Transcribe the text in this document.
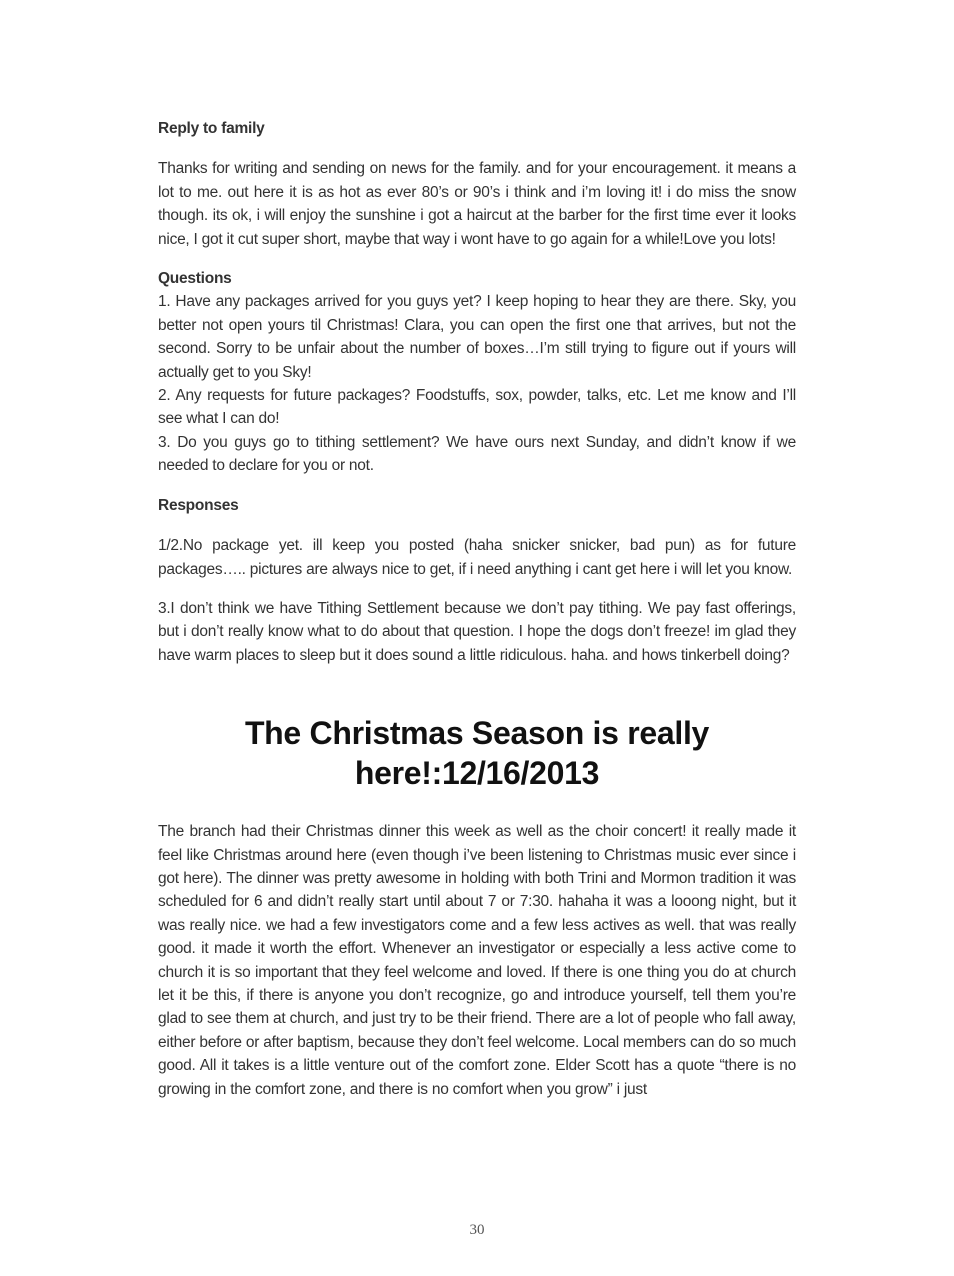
Reply to family

Thanks for writing and sending on news for the family. and for your encouragement. it means a lot to me. out here it is as hot as ever 80’s or 90’s i think and i’m loving it! i do miss the snow though. its ok, i will enjoy the sunshine i got a haircut at the barber for the first time ever it looks nice, I got it cut super short, maybe that way i wont have to go again for a while!Love you lots!

Questions

1. Have any packages arrived for you guys yet? I keep hoping to hear they are there. Sky, you better not open yours til Christmas! Clara, you can open the first one that arrives, but not the second. Sorry to be unfair about the number of boxes…I’m still trying to figure out if yours will actually get to you Sky!

2. Any requests for future packages? Foodstuffs, sox, powder, talks, etc. Let me know and I’ll see what I can do!

3. Do you guys go to tithing settlement? We have ours next Sunday, and didn’t know if we needed to declare for you or not.

Responses

1/2.No package yet. ill keep you posted (haha snicker snicker, bad pun) as for future packages….. pictures are always nice to get, if i need anything i cant get here i will let you know.

3.I don’t think we have Tithing Settlement because we don’t pay tithing. We pay fast offerings, but i don’t really know what to do about that question. I hope the dogs don’t freeze! im glad they have warm places to sleep but it does sound a little ridiculous. haha. and hows tinkerbell doing?

The Christmas Season is really here!:12/16/2013

The branch had their Christmas dinner this week as well as the choir concert! it really made it feel like Christmas around here (even though i’ve been listening to Christmas music ever since i got here). The dinner was pretty awesome in holding with both Trini and Mormon tradition it was scheduled for 6 and didn’t really start until about 7 or 7:30. hahaha it was a looong night, but it was really nice. we had a few investigators come and a few less actives as well. that was really good. it made it worth the effort. Whenever an investigator or especially a less active come to church it is so important that they feel welcome and loved. If there is one thing you do at church let it be this, if there is anyone you don’t recognize, go and introduce yourself, tell them you’re glad to see them at church, and just try to be their friend. There are a lot of people who fall away, either before or after baptism, because they don’t feel welcome. Local members can do so much good. All it takes is a little venture out of the comfort zone. Elder Scott has a quote “there is no growing in the comfort zone, and there is no comfort when you grow” i just

30
